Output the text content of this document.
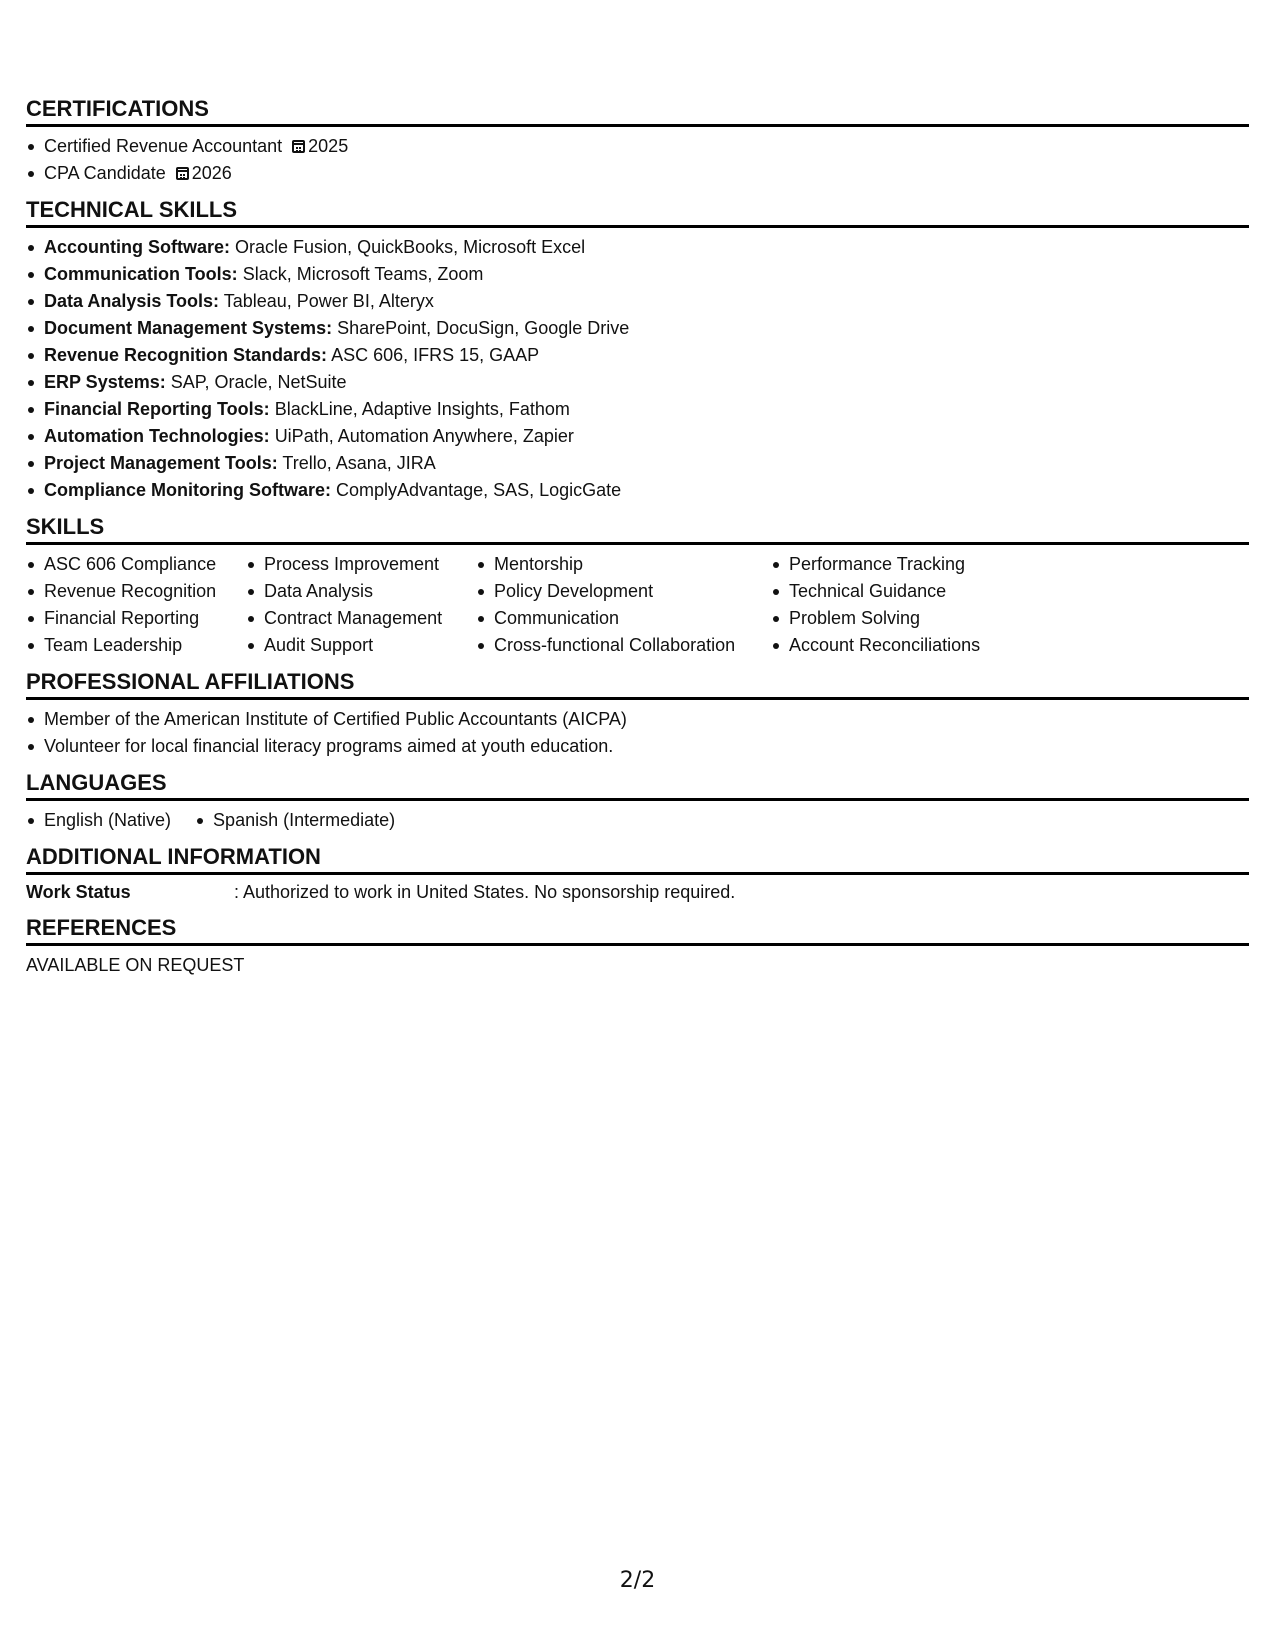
CERTIFICATIONS
Certified Revenue Accountant 2025
CPA Candidate 2026
TECHNICAL SKILLS
Accounting Software: Oracle Fusion, QuickBooks, Microsoft Excel
Communication Tools: Slack, Microsoft Teams, Zoom
Data Analysis Tools: Tableau, Power BI, Alteryx
Document Management Systems: SharePoint, DocuSign, Google Drive
Revenue Recognition Standards: ASC 606, IFRS 15, GAAP
ERP Systems: SAP, Oracle, NetSuite
Financial Reporting Tools: BlackLine, Adaptive Insights, Fathom
Automation Technologies: UiPath, Automation Anywhere, Zapier
Project Management Tools: Trello, Asana, JIRA
Compliance Monitoring Software: ComplyAdvantage, SAS, LogicGate
SKILLS
ASC 606 Compliance
Revenue Recognition
Financial Reporting
Team Leadership
Process Improvement
Data Analysis
Contract Management
Audit Support
Mentorship
Policy Development
Communication
Cross-functional Collaboration
Performance Tracking
Technical Guidance
Problem Solving
Account Reconciliations
PROFESSIONAL AFFILIATIONS
Member of the American Institute of Certified Public Accountants (AICPA)
Volunteer for local financial literacy programs aimed at youth education.
LANGUAGES
English (Native)	Spanish (Intermediate)
ADDITIONAL INFORMATION
Work Status	: Authorized to work in United States. No sponsorship required.
REFERENCES
AVAILABLE ON REQUEST
2/2
